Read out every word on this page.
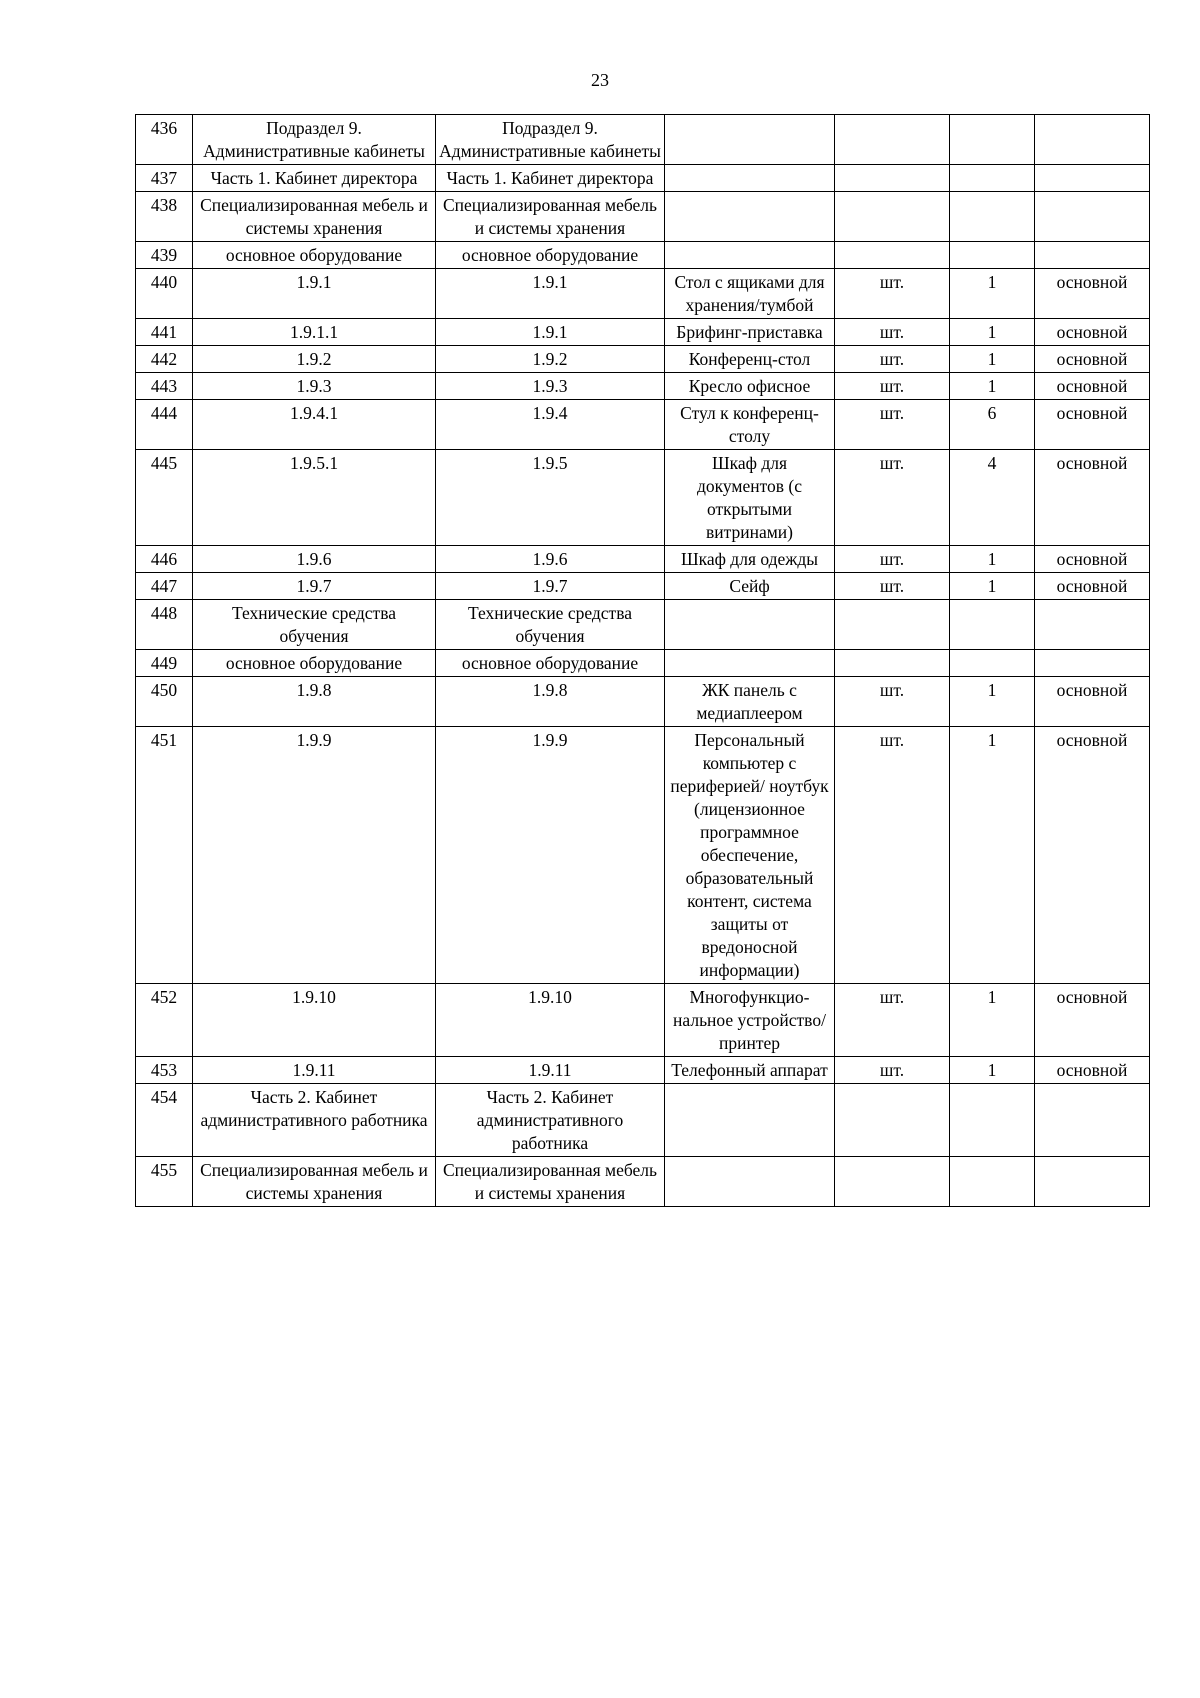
23
436	Подраздел 9. Административные кабинеты	Подраздел 9. Административные кабинеты				
437	Часть 1. Кабинет директора	Часть 1. Кабинет директора				
438	Специализированная мебель и системы хранения	Специализированная мебель и системы хранения				
439	основное оборудование	основное оборудование				
440	1.9.1	1.9.1	Стол с ящиками для хранения/тумбой	шт.	1	основной
441	1.9.1.1	1.9.1	Брифинг-приставка	шт.	1	основной
442	1.9.2	1.9.2	Конференц-стол	шт.	1	основной
443	1.9.3	1.9.3	Кресло офисное	шт.	1	основной
444	1.9.4.1	1.9.4	Стул к конференц-столу	шт.	6	основной
445	1.9.5.1	1.9.5	Шкаф для документов (с открытыми витринами)	шт.	4	основной
446	1.9.6	1.9.6	Шкаф для одежды	шт.	1	основной
447	1.9.7	1.9.7	Сейф	шт.	1	основной
448	Технические средства обучения	Технические средства обучения				
449	основное оборудование	основное оборудование				
450	1.9.8	1.9.8	ЖК панель с медиаплеером	шт.	1	основной
451	1.9.9	1.9.9	Персональный компьютер с периферией/ ноутбук (лицензионное программное обеспечение, образовательный контент, система защиты от вредоносной информации)	шт.	1	основной
452	1.9.10	1.9.10	Многофункцио-нальное устройство/ принтер	шт.	1	основной
453	1.9.11	1.9.11	Телефонный аппарат	шт.	1	основной
454	Часть 2. Кабинет административного работника	Часть 2. Кабинет административного работника				
455	Специализированная мебель и системы хранения	Специализированная мебель и системы хранения				
